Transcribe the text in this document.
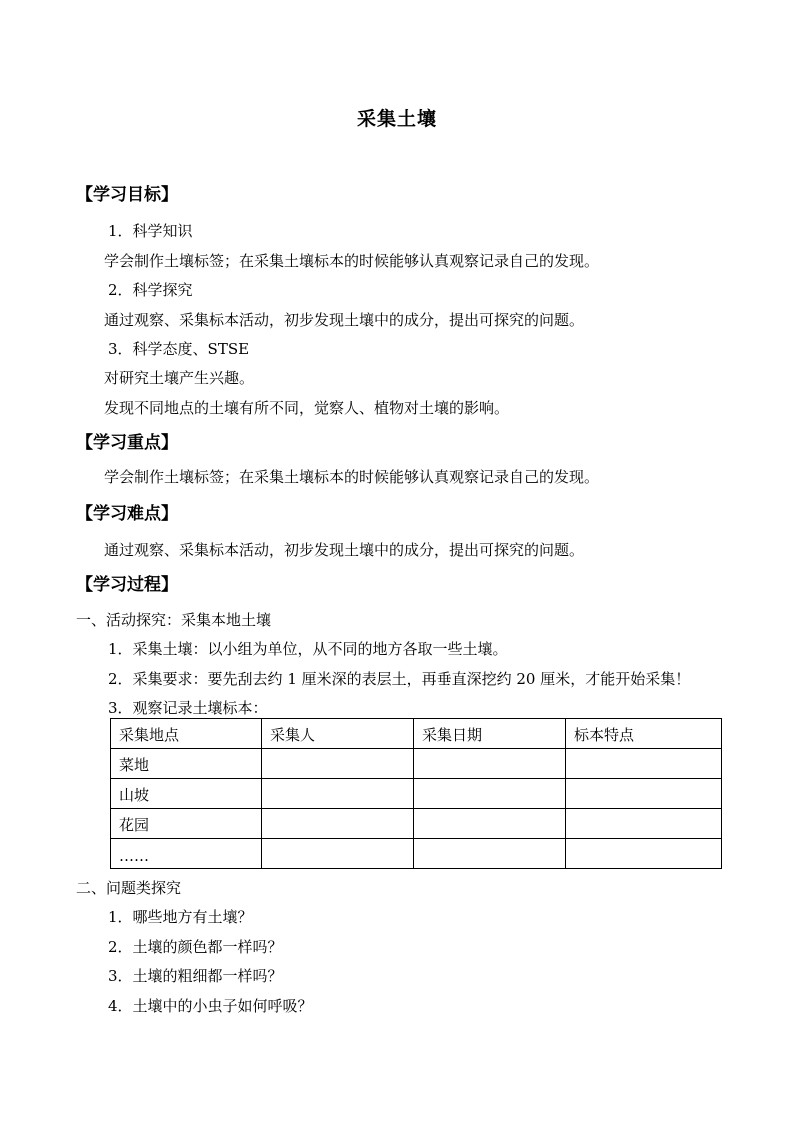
采集土壤
【学习目标】
1．科学知识
学会制作土壤标签；在采集土壤标本的时候能够认真观察记录自己的发现。
2．科学探究
通过观察、采集标本活动，初步发现土壤中的成分，提出可探究的问题。
3．科学态度、STSE
对研究土壤产生兴趣。
发现不同地点的土壤有所不同，觉察人、植物对土壤的影响。
【学习重点】
学会制作土壤标签；在采集土壤标本的时候能够认真观察记录自己的发现。
【学习难点】
通过观察、采集标本活动，初步发现土壤中的成分，提出可探究的问题。
【学习过程】
一、活动探究：采集本地土壤
1．采集土壤：以小组为单位，从不同的地方各取一些土壤。
2．采集要求：要先刮去约 1 厘米深的表层土，再垂直深挖约 20 厘米，才能开始采集！
3．观察记录土壤标本：
采集地点	采集人	采集日期	标本特点
菜地			
山坡			
花园			
……			
二、问题类探究
1．哪些地方有土壤？
2．土壤的颜色都一样吗？
3．土壤的粗细都一样吗？
4．土壤中的小虫子如何呼吸？
